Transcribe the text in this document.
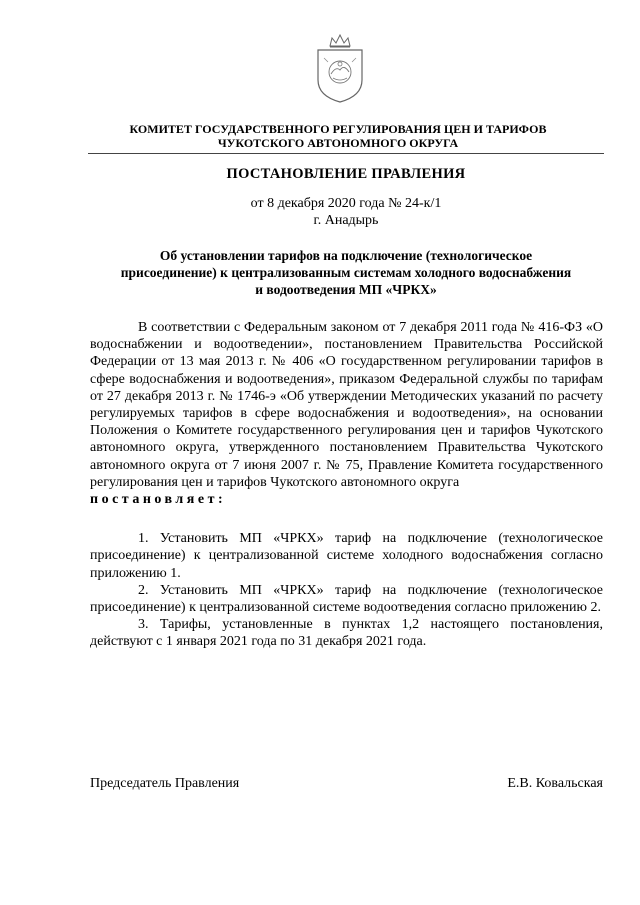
КОМИТЕТ ГОСУДАРСТВЕННОГО РЕГУЛИРОВАНИЯ ЦЕН И ТАРИФОВ
ЧУКОТСКОГО АВТОНОМНОГО ОКРУГА
ПОСТАНОВЛЕНИЕ ПРАВЛЕНИЯ
от 8 декабря 2020 года № 24-к/1
г. Анадырь
Об установлении тарифов на подключение (технологическое
присоединение) к централизованным системам холодного водоснабжения
и водоотведения МП «ЧРКХ»

В соответствии с Федеральным законом от 7 декабря 2011 года № 416-ФЗ «О водоснабжении и водоотведении», постановлением Правительства Российской Федерации от 13 мая 2013 г. № 406 «О государственном регулировании тарифов в сфере водоснабжения и водоотведения», приказом Федеральной службы по тарифам от 27 декабря 2013 г. № 1746-э «Об утверждении Методических указаний по расчету регулируемых тарифов в сфере водоснабжения и водоотведения», на основании Положения о Комитете государственного регулирования цен и тарифов Чукотского автономного округа, утвержденного постановлением Правительства Чукотского автономного округа от 7 июня 2007 г. № 75, Правление Комитета государственного регулирования цен и тарифов Чукотского автономного округа

постановляет:

1. Установить МП «ЧРКХ» тариф на подключение (технологическое присоединение) к централизованной системе холодного водоснабжения согласно приложению 1.

2. Установить МП «ЧРКХ» тариф на подключение (технологическое присоединение) к централизованной системе водоотведения согласно приложению 2.

3. Тарифы, установленные в пунктах 1,2 настоящего постановления, действуют с 1 января 2021 года по 31 декабря 2021 года.

Председатель Правления	Е.В. Ковальская
